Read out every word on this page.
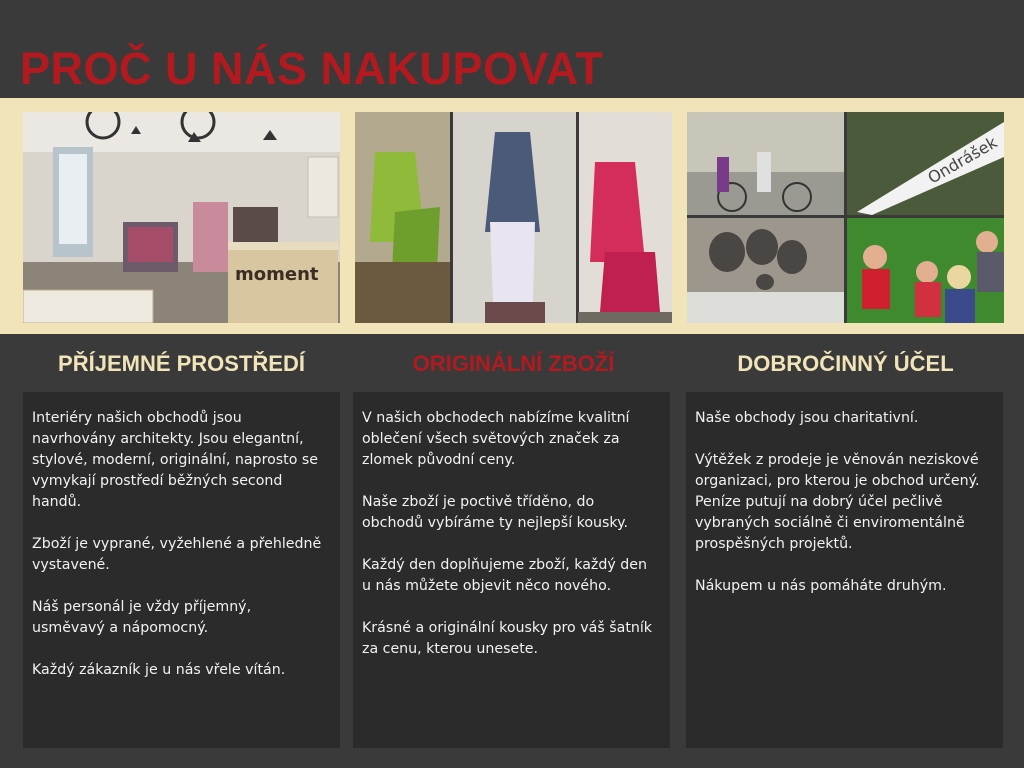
PROČ U NÁS NAKUPOVAT
moment
Ondrášek
PŘÍJEMNÉ PROSTŘEDÍ	ORIGINÁLNÍ ZBOŽÍ	DOBROČINNÝ ÚČEL

Interiéry našich obchodů jsou navrhovány architekty. Jsou elegantní, stylové, moderní, originální, naprosto se vymykají prostředí běžných second handů.

Zboží je vyprané, vyžehlené a přehledně vystavené.

Náš personál je vždy příjemný, usměvavý a nápomocný.

Každý zákazník je u nás vřele vítán.

V našich obchodech nabízíme kvalitní oblečení všech světových značek za zlomek původní ceny.

Naše zboží je poctivě tříděno, do obchodů vybíráme ty nejlepší kousky.

Každý den doplňujeme zboží, každý den u nás můžete objevit něco nového.

Krásné a originální kousky pro váš šatník za cenu, kterou unesete.

Naše obchody jsou charitativní.

Výtěžek z prodeje je věnován neziskové organizaci, pro kterou je obchod určený. Peníze putují na dobrý účel pečlivě vybraných sociálně či enviromentálně prospěšných projektů.

Nákupem u nás pomáháte druhým.
